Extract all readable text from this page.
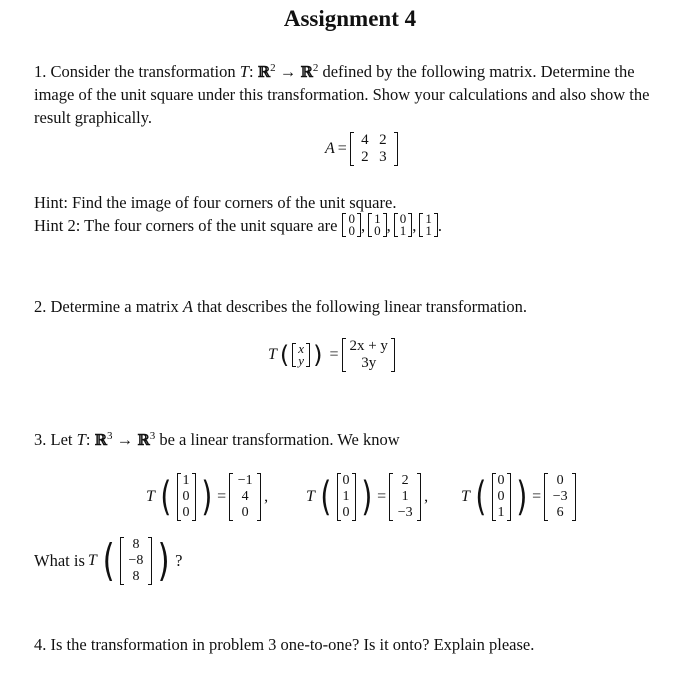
Assignment 4
1. Consider the transformation T: ℝ$^2$ → ℝ$^2$ defined by the following matrix. Determine the
image of the unit square under this transformation. Show your calculations and also show the
result graphically.
A = 4 2
2 3
Hint: Find the image of four corners of the unit square.
Hint 2: The four corners of the unit square are 0
0 , 1
0 , 0
1 , 1
1 .
2. Determine a matrix A that describes the following linear transformation.
T ( x
y ) = 2x + y
3y
3. Let T: ℝ$^3$ → ℝ$^3$ be a linear transformation. We know
T ( 1
0
0 ) =
−1
4
0
, T ( 0
1
0 ) =
2
1
−3
, T ( 0
0
1 ) =
0
−3
6
What is T (	8
−8
8 ) ?
4. Is the transformation in problem 3 one-to-one? Is it onto? Explain please.
